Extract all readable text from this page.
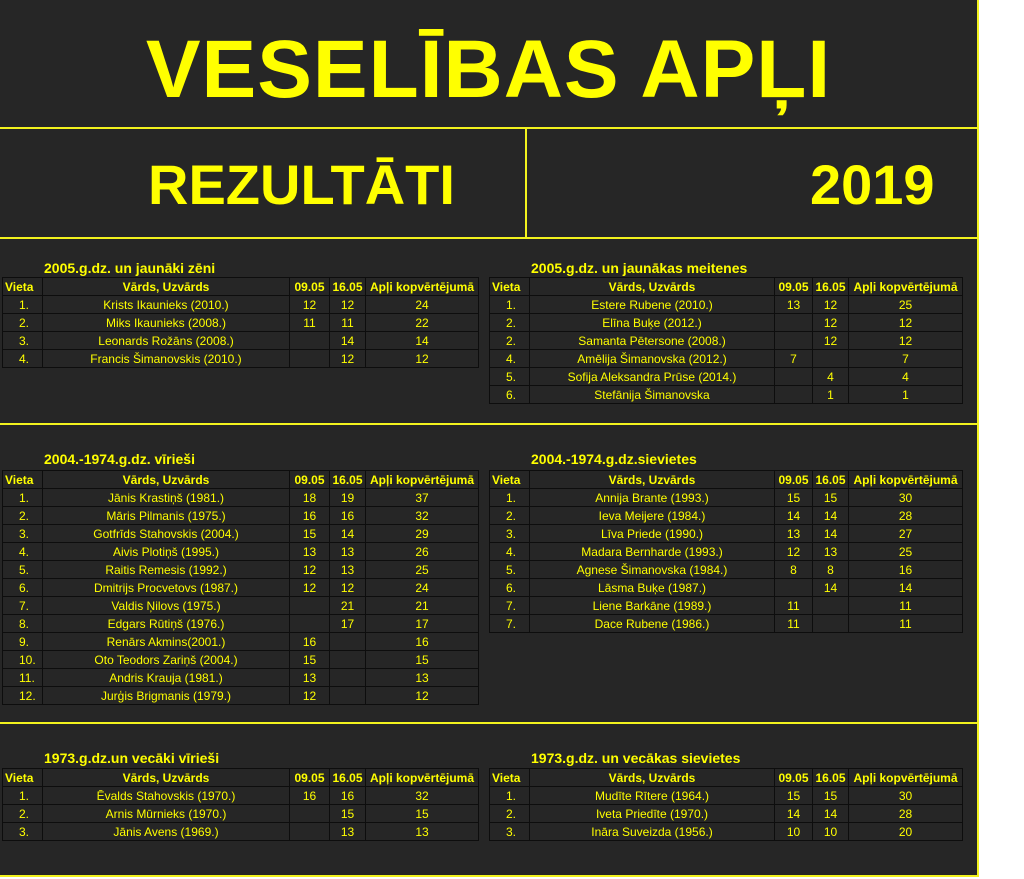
VESELĪBAS APĻI
REZULTĀTI	2019
2005.g.dz. un jaunāki zēni	2005.g.dz. un jaunākas meitenes
2004.-1974.g.dz. vīrieši	2004.-1974.g.dz.sievietes
1973.g.dz.un vecāki vīrieši	1973.g.dz. un vecākas sievietes
Vieta	Vārds, Uzvārds	09.05	16.05	Apļi kopvērtējumā
1.	Krists Ikaunieks (2010.)	12	12	24
2.	Miks Ikaunieks (2008.)	11	11	22
3.	Leonards Rožāns (2008.)		14	14
4.	Francis Šimanovskis (2010.)		12	12
Vieta	Vārds, Uzvārds	09.05	16.05	Apļi kopvērtējumā
1.	Estere Rubene (2010.)	13	12	25
2.	Elīna Buķe (2012.)		12	12
2.	Samanta Pētersone (2008.)		12	12
4.	Amēlija Šimanovska (2012.)	7		7
5.	Sofija Aleksandra Prūse (2014.)		4	4
6.	Stefānija Šimanovska		1	1
Vieta	Vārds, Uzvārds	09.05	16.05	Apļi kopvērtējumā
1.	Jānis Krastiņš (1981.)	18	19	37
2.	Māris Pilmanis (1975.)	16	16	32
3.	Gotfrīds Stahovskis (2004.)	15	14	29
4.	Aivis Plotiņš (1995.)	13	13	26
5.	Raitis Remesis (1992.)	12	13	25
6.	Dmitrijs Procvetovs (1987.)	12	12	24
7.	Valdis Ņilovs (1975.)		21	21
8.	Edgars Rūtiņš (1976.)		17	17
9.	Renārs Akmins(2001.)	16		16
10.	Oto Teodors Zariņš (2004.)	15		15
11.	Andris Krauja (1981.)	13		13
12.	Jurģis Brigmanis (1979.)	12		12
Vieta	Vārds, Uzvārds	09.05	16.05	Apļi kopvērtējumā
1.	Annija Brante (1993.)	15	15	30
2.	Ieva Meijere (1984.)	14	14	28
3.	Līva Priede (1990.)	13	14	27
4.	Madara Bernharde (1993.)	12	13	25
5.	Agnese Šimanovska (1984.)	8	8	16
6.	Lāsma Buķe (1987.)		14	14
7.	Liene Barkāne (1989.)	11		11
7.	Dace Rubene (1986.)	11		11
Vieta	Vārds, Uzvārds	09.05	16.05	Apļi kopvērtējumā
1.	Ēvalds Stahovskis (1970.)	16	16	32
2.	Arnis Mūrnieks (1970.)		15	15
3.	Jānis Avens (1969.)		13	13
Vieta	Vārds, Uzvārds	09.05	16.05	Apļi kopvērtējumā
1.	Mudīte Rītere (1964.)	15	15	30
2.	Iveta Priedīte (1970.)	14	14	28
3.	Ināra Suveizda (1956.)	10	10	20
